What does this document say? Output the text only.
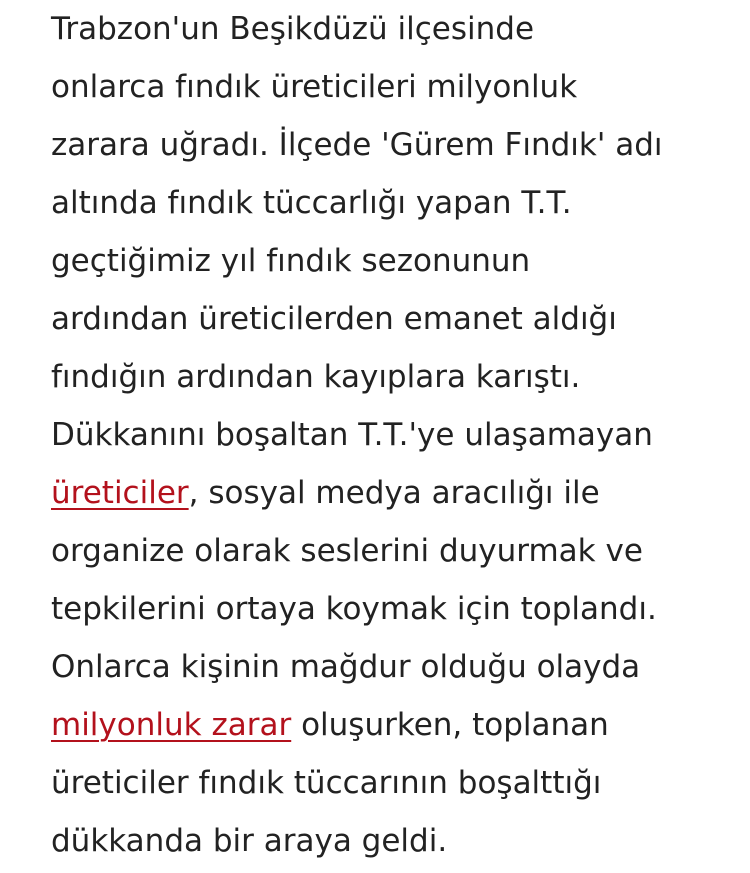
Trabzon'un Beşikdüzü ilçesinde
onlarca fındık üreticileri milyonluk
zarara uğradı. İlçede 'Gürem Fındık' adı
altında fındık tüccarlığı yapan T.T.
geçtiğimiz yıl fındık sezonunun
ardından üreticilerden emanet aldığı
fındığın ardından kayıplara karıştı.
Dükkanını boşaltan T.T.'ye ulaşamayan
üreticiler, sosyal medya aracılığı ile
organize olarak seslerini duyurmak ve
tepkilerini ortaya koymak için toplandı.
Onlarca kişinin mağdur olduğu olayda
milyonluk zarar oluşurken, toplanan
üreticiler fındık tüccarının boşalttığı
dükkanda bir araya geldi.
